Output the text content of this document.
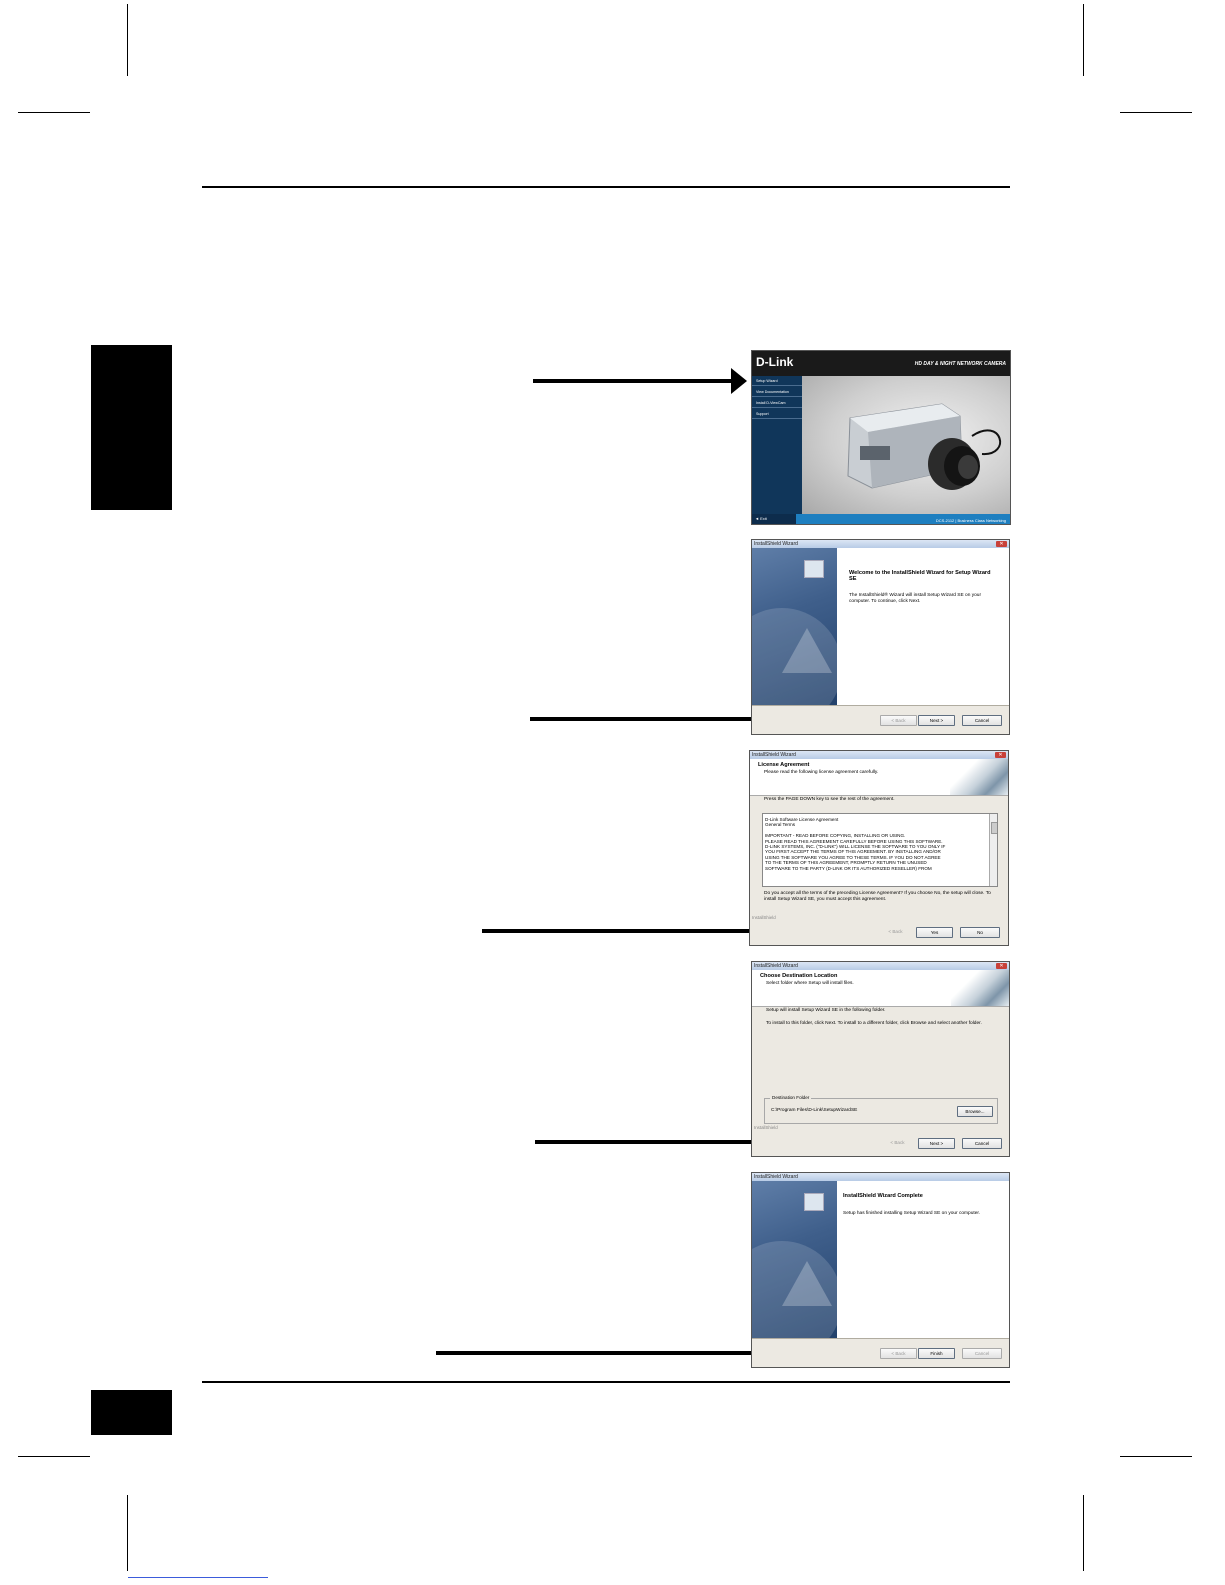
D-Link	HD DAY & NIGHT NETWORK CAMERA
Setup Wizard
View Documentation
Install D-ViewCam
Support
◄ Exit	DCS-2112 | Business Class Networking
InstallShield Wizard	✕
Welcome to the InstallShield Wizard for Setup Wizard SE
The InstallShield® Wizard will install Setup Wizard SE on your computer. To continue, click Next.
< Back	Next >	Cancel
InstallShield Wizard	✕
License Agreement
Please read the following license agreement carefully.
Press the PAGE DOWN key to see the rest of the agreement.
D-Link Software License Agreement
General Terms

IMPORTANT - READ BEFORE COPYING, INSTALLING OR USING.
PLEASE READ THIS AGREEMENT CAREFULLY BEFORE USING THIS SOFTWARE.
D-LINK SYSTEMS, INC. ("D-LINK") WILL LICENSE THE SOFTWARE TO YOU ONLY IF
YOU FIRST ACCEPT THE TERMS OF THIS AGREEMENT. BY INSTALLING AND/OR
USING THE SOFTWARE YOU AGREE TO THESE TERMS. IF YOU DO NOT AGREE
TO THE TERMS OF THIS AGREEMENT, PROMPTLY RETURN THE UNUSED
SOFTWARE TO THE PARTY (D-LINK OR ITS AUTHORIZED RESELLER) FROM
Do you accept all the terms of the preceding License Agreement? If you choose No, the setup will close. To install Setup Wizard SE, you must accept this agreement.
InstallShield
< Back	Yes	No
InstallShield Wizard	✕
Choose Destination Location
Select folder where Setup will install files.
Setup will install Setup Wizard SE in the following folder.
To install to this folder, click Next. To install to a different folder, click Browse and select another folder.
Destination Folder
C:\Program Files\D-Link\SetupWizardSE	Browse...
InstallShield
< Back	Next >	Cancel
InstallShield Wizard
InstallShield Wizard Complete
Setup has finished installing Setup Wizard SE on your computer.
< Back	Finish	Cancel
